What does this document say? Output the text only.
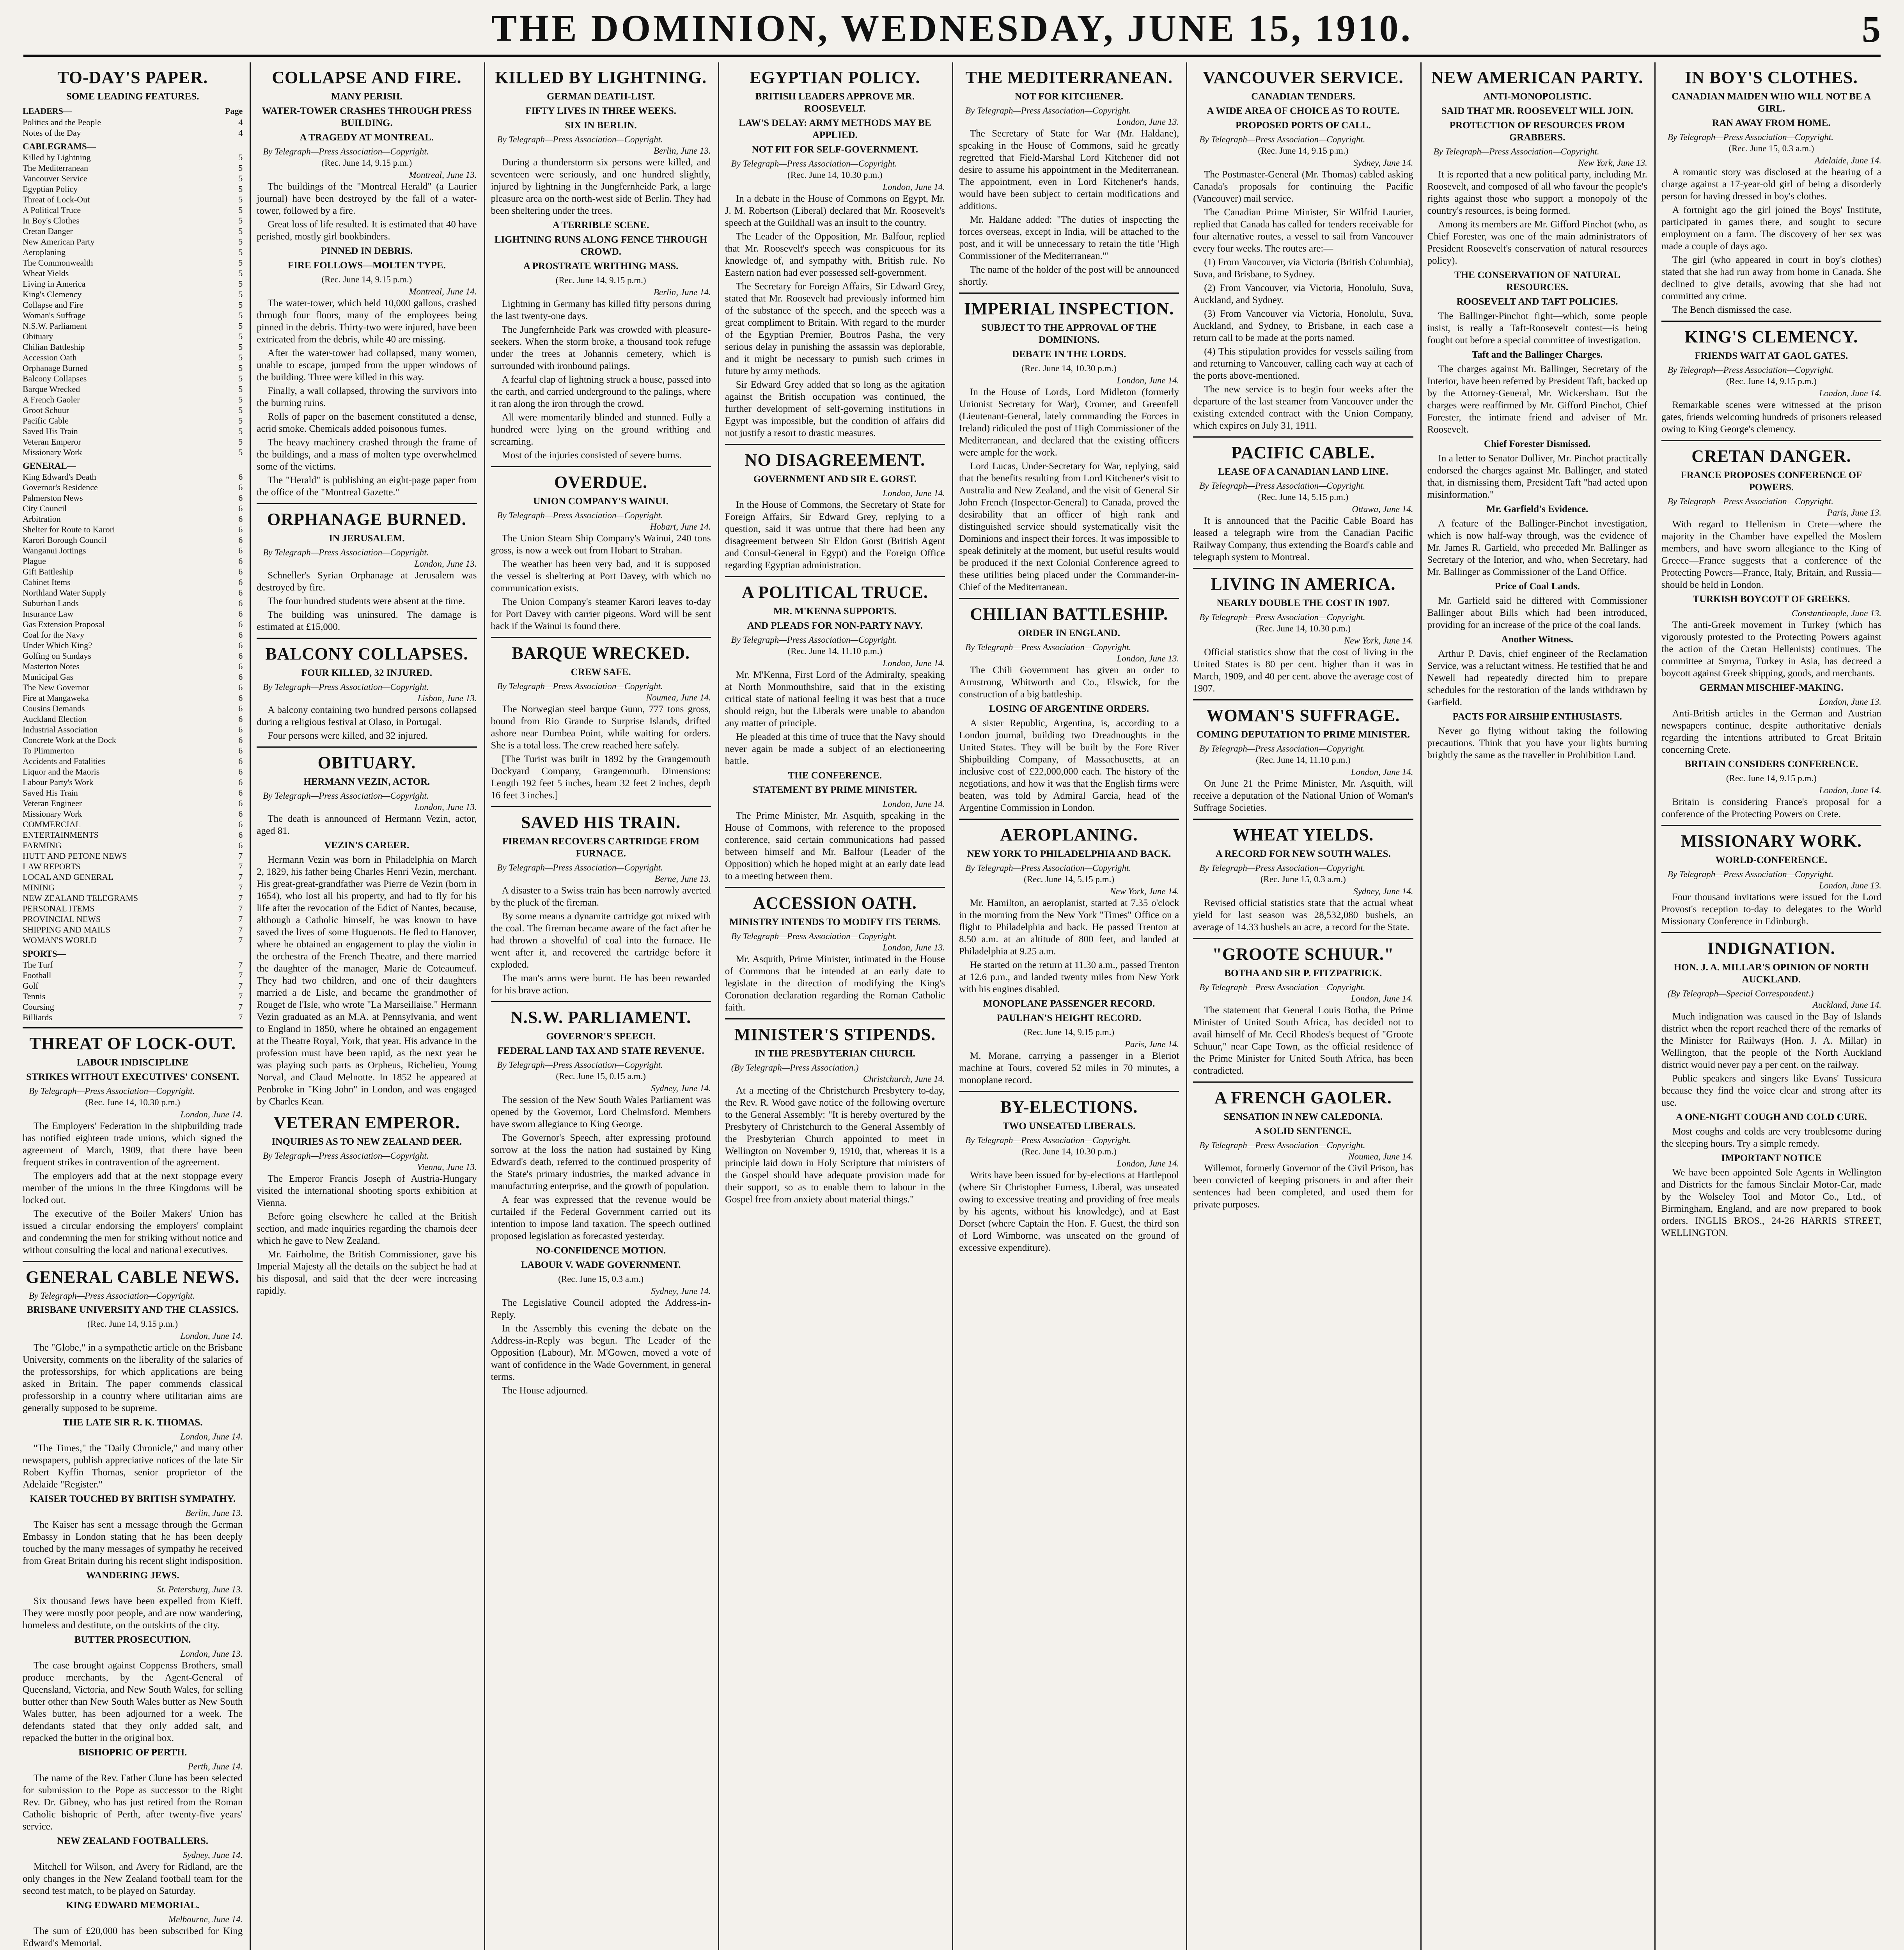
THE DOMINION, WEDNESDAY, JUNE 15, 1910.	5
TO-DAY'S PAPER.
SOME LEADING FEATURES.
LEADERS—	Page
Politics and the People	4
Notes of the Day	4
CABLEGRAMS—
Killed by Lightning	5
The Mediterranean	5
Vancouver Service	5
Egyptian Policy	5
Threat of Lock-Out	5
A Political Truce	5
In Boy's Clothes	5
Cretan Danger	5
New American Party	5
Aeroplaning	5
The Commonwealth	5
Wheat Yields	5
Living in America	5
King's Clemency	5
Collapse and Fire	5
Woman's Suffrage	5
N.S.W. Parliament	5
Obituary	5
Chilian Battleship	5
Accession Oath	5
Orphanage Burned	5
Balcony Collapses	5
Barque Wrecked	5
A French Gaoler	5
Groot Schuur	5
Pacific Cable	5
Saved His Train	5
Veteran Emperor	5
Missionary Work	5
GENERAL—
King Edward's Death	6
Governor's Residence	6
Palmerston News	6
City Council	6
Arbitration	6
Shelter for Route to Karori	6
Karori Borough Council	6
Wanganui Jottings	6
Plague	6
Gift Battleship	6
Cabinet Items	6
Northland Water Supply	6
Suburban Lands	6
Insurance Law	6
Gas Extension Proposal	6
Coal for the Navy	6
Under Which King?	6
Golfing on Sundays	6
Masterton Notes	6
Municipal Gas	6
The New Governor	6
Fire at Mangaweka	6
Cousins Demands	6
Auckland Election	6
Industrial Association	6
Concrete Work at the Dock	6
To Plimmerton	6
Accidents and Fatalities	6
Liquor and the Maoris	6
Labour Party's Work	6
Saved His Train	6
Veteran Engineer	6
Missionary Work	6
COMMERCIAL	6
ENTERTAINMENTS	6
FARMING	6
HUTT AND PETONE NEWS	7
LAW REPORTS	7
LOCAL AND GENERAL	7
MINING	7
NEW ZEALAND TELEGRAMS	7
PERSONAL ITEMS	7
PROVINCIAL NEWS	7
SHIPPING AND MAILS	7
WOMAN'S WORLD	7
SPORTS—
The Turf	7
Football	7
Golf	7
Tennis	7
Coursing	7
Billiards	7
THREAT OF LOCK-OUT.
LABOUR INDISCIPLINE
STRIKES WITHOUT EXECUTIVES' CONSENT.
By Telegraph—Press Association—Copyright.
(Rec. June 14, 10.30 p.m.)
London, June 14.
The Employers' Federation in the shipbuilding trade has notified eighteen trade unions, which signed the agreement of March, 1909, that there have been frequent strikes in contravention of the agreement.
The employers add that at the next stoppage every member of the unions in the three Kingdoms will be locked out.
The executive of the Boiler Makers' Union has issued a circular endorsing the employers' complaint and condemning the men for striking without notice and without consulting the local and national executives.
GENERAL CABLE NEWS.
By Telegraph—Press Association—Copyright.
BRISBANE UNIVERSITY AND THE CLASSICS.
(Rec. June 14, 9.15 p.m.)
London, June 14.
The "Globe," in a sympathetic article on the Brisbane University, comments on the liberality of the salaries of the professorships, for which applications are being asked in Britain. The paper commends classical professorship in a country where utilitarian aims are generally supposed to be supreme.
THE LATE SIR R. K. THOMAS.
London, June 14.
"The Times," the "Daily Chronicle," and many other newspapers, publish appreciative notices of the late Sir Robert Kyffin Thomas, senior proprietor of the Adelaide "Register."
KAISER TOUCHED BY BRITISH SYMPATHY.
Berlin, June 13.
The Kaiser has sent a message through the German Embassy in London stating that he has been deeply touched by the many messages of sympathy he received from Great Britain during his recent slight indisposition.
WANDERING JEWS.
St. Petersburg, June 13.
Six thousand Jews have been expelled from Kieff. They were mostly poor people, and are now wandering, homeless and destitute, on the outskirts of the city.
BUTTER PROSECUTION.
London, June 13.
The case brought against Coppenss Brothers, small produce merchants, by the Agent-General of Queensland, Victoria, and New South Wales, for selling butter other than New South Wales butter as New South Wales butter, has been adjourned for a week. The defendants stated that they only added salt, and repacked the butter in the original box.
BISHOPRIC OF PERTH.
Perth, June 14.
The name of the Rev. Father Clune has been selected for submission to the Pope as successor to the Right Rev. Dr. Gibney, who has just retired from the Roman Catholic bishopric of Perth, after twenty-five years' service.
NEW ZEALAND FOOTBALLERS.
Sydney, June 14.
Mitchell for Wilson, and Avery for Ridland, are the only changes in the New Zealand football team for the second test match, to be played on Saturday.
KING EDWARD MEMORIAL.
Melbourne, June 14.
The sum of £20,000 has been subscribed for King Edward's Memorial.
COLLAPSE AND FIRE.
MANY PERISH.
WATER-TOWER CRASHES THROUGH PRESS BUILDING.
A TRAGEDY AT MONTREAL.
By Telegraph—Press Association—Copyright.
(Rec. June 14, 9.15 p.m.)
Montreal, June 13.
The buildings of the "Montreal Herald" (a Laurier journal) have been destroyed by the fall of a water-tower, followed by a fire.
Great loss of life resulted. It is estimated that 40 have perished, mostly girl bookbinders.
PINNED IN DEBRIS.
FIRE FOLLOWS—MOLTEN TYPE.
(Rec. June 14, 9.15 p.m.)
Montreal, June 14.
The water-tower, which held 10,000 gallons, crashed through four floors, many of the employees being pinned in the debris. Thirty-two were injured, have been extricated from the debris, while 40 are missing.
After the water-tower had collapsed, many women, unable to escape, jumped from the upper windows of the building. Three were killed in this way.
Finally, a wall collapsed, throwing the survivors into the burning ruins.
Rolls of paper on the basement constituted a dense, acrid smoke. Chemicals added poisonous fumes.
The heavy machinery crashed through the frame of the buildings, and a mass of molten type overwhelmed some of the victims.
The "Herald" is publishing an eight-page paper from the office of the "Montreal Gazette."
ORPHANAGE BURNED.
IN JERUSALEM.
By Telegraph—Press Association—Copyright.
London, June 13.
Schneller's Syrian Orphanage at Jerusalem was destroyed by fire.
The four hundred students were absent at the time.
The building was uninsured. The damage is estimated at £15,000.
BALCONY COLLAPSES.
FOUR KILLED, 32 INJURED.
By Telegraph—Press Association—Copyright.
Lisbon, June 13.
A balcony containing two hundred persons collapsed during a religious festival at Olaso, in Portugal.
Four persons were killed, and 32 injured.
OBITUARY.
HERMANN VEZIN, ACTOR.
By Telegraph—Press Association—Copyright.
London, June 13.
The death is announced of Hermann Vezin, actor, aged 81.
VEZIN'S CAREER.
Hermann Vezin was born in Philadelphia on March 2, 1829, his father being Charles Henri Vezin, merchant. His great-great-grandfather was Pierre de Vezin (born in 1654), who lost all his property, and had to fly for his life after the revocation of the Edict of Nantes, because, although a Catholic himself, he was known to have saved the lives of some Huguenots. He fled to Hanover, where he obtained an engagement to play the violin in the orchestra of the French Theatre, and there married the daughter of the manager, Marie de Coteaumeuf. They had two children, and one of their daughters married a de Lisle, and became the grandmother of Rouget de l'Isle, who wrote "La Marseillaise." Hermann Vezin graduated as an M.A. at Pennsylvania, and went to England in 1850, where he obtained an engagement at the Theatre Royal, York, that year. His advance in the profession must have been rapid, as the next year he was playing such parts as Orpheus, Richelieu, Young Norval, and Claud Melnotte. In 1852 he appeared at Penbroke in "King John" in London, and was engaged by Charles Kean.
VETERAN EMPEROR.
INQUIRIES AS TO NEW ZEALAND DEER.
By Telegraph—Press Association—Copyright.
Vienna, June 13.
The Emperor Francis Joseph of Austria-Hungary visited the international shooting sports exhibition at Vienna.
Before going elsewhere he called at the British section, and made inquiries regarding the chamois deer which he gave to New Zealand.
Mr. Fairholme, the British Commissioner, gave his Imperial Majesty all the details on the subject he had at his disposal, and said that the deer were increasing rapidly.
KILLED BY LIGHTNING.
GERMAN DEATH-LIST.
FIFTY LIVES IN THREE WEEKS.
SIX IN BERLIN.
By Telegraph—Press Association—Copyright.
Berlin, June 13.
During a thunderstorm six persons were killed, and seventeen were seriously, and one hundred slightly, injured by lightning in the Jungfernheide Park, a large pleasure area on the north-west side of Berlin. They had been sheltering under the trees.
A TERRIBLE SCENE.
LIGHTNING RUNS ALONG FENCE THROUGH CROWD.
A PROSTRATE WRITHING MASS.
(Rec. June 14, 9.15 p.m.)
Berlin, June 14.
Lightning in Germany has killed fifty persons during the last twenty-one days.
The Jungfernheide Park was crowded with pleasure-seekers. When the storm broke, a thousand took refuge under the trees at Johannis cemetery, which is surrounded with ironbound palings.
A fearful clap of lightning struck a house, passed into the earth, and carried underground to the palings, where it ran along the iron through the crowd.
All were momentarily blinded and stunned. Fully a hundred were lying on the ground writhing and screaming.
Most of the injuries consisted of severe burns.
OVERDUE.
UNION COMPANY'S WAINUI.
By Telegraph—Press Association—Copyright.
Hobart, June 14.
The Union Steam Ship Company's Wainui, 240 tons gross, is now a week out from Hobart to Strahan.
The weather has been very bad, and it is supposed the vessel is sheltering at Port Davey, with which no communication exists.
The Union Company's steamer Karori leaves to-day for Port Davey with carrier pigeons. Word will be sent back if the Wainui is found there.
BARQUE WRECKED.
CREW SAFE.
By Telegraph—Press Association—Copyright.
Noumea, June 14.
The Norwegian steel barque Gunn, 777 tons gross, bound from Rio Grande to Surprise Islands, drifted ashore near Dumbea Point, while waiting for orders. She is a total loss. The crew reached here safely.
[The Turist was built in 1892 by the Grangemouth Dockyard Company, Grangemouth. Dimensions: Length 192 feet 5 inches, beam 32 feet 2 inches, depth 16 feet 3 inches.]
SAVED HIS TRAIN.
FIREMAN RECOVERS CARTRIDGE FROM FURNACE.
By Telegraph—Press Association—Copyright.
Berne, June 13.
A disaster to a Swiss train has been narrowly averted by the pluck of the fireman.
By some means a dynamite cartridge got mixed with the coal. The fireman became aware of the fact after he had thrown a shovelful of coal into the furnace. He went after it, and recovered the cartridge before it exploded.
The man's arms were burnt. He has been rewarded for his brave action.
N.S.W. PARLIAMENT.
GOVERNOR'S SPEECH.
FEDERAL LAND TAX AND STATE REVENUE.
By Telegraph—Press Association—Copyright.
(Rec. June 15, 0.15 a.m.)
Sydney, June 14.
The session of the New South Wales Parliament was opened by the Governor, Lord Chelmsford. Members have sworn allegiance to King George.
The Governor's Speech, after expressing profound sorrow at the loss the nation had sustained by King Edward's death, referred to the continued prosperity of the State's primary industries, the marked advance in manufacturing enterprise, and the growth of population.
A fear was expressed that the revenue would be curtailed if the Federal Government carried out its intention to impose land taxation. The speech outlined proposed legislation as forecasted yesterday.
NO-CONFIDENCE MOTION.
LABOUR V. WADE GOVERNMENT.
(Rec. June 15, 0.3 a.m.)
Sydney, June 14.
The Legislative Council adopted the Address-in-Reply.
In the Assembly this evening the debate on the Address-in-Reply was begun. The Leader of the Opposition (Labour), Mr. M'Gowen, moved a vote of want of confidence in the Wade Government, in general terms.
The House adjourned.
EGYPTIAN POLICY.
BRITISH LEADERS APPROVE MR. ROOSEVELT.
LAW'S DELAY: ARMY METHODS MAY BE APPLIED.
NOT FIT FOR SELF-GOVERNMENT.
By Telegraph—Press Association—Copyright.
(Rec. June 14, 10.30 p.m.)
London, June 14.
In a debate in the House of Commons on Egypt, Mr. J. M. Robertson (Liberal) declared that Mr. Roosevelt's speech at the Guildhall was an insult to the country.
The Leader of the Opposition, Mr. Balfour, replied that Mr. Roosevelt's speech was conspicuous for its knowledge of, and sympathy with, British rule. No Eastern nation had ever possessed self-government.
The Secretary for Foreign Affairs, Sir Edward Grey, stated that Mr. Roosevelt had previously informed him of the substance of the speech, and the speech was a great compliment to Britain. With regard to the murder of the Egyptian Premier, Boutros Pasha, the very serious delay in punishing the assassin was deplorable, and it might be necessary to punish such crimes in future by army methods.
Sir Edward Grey added that so long as the agitation against the British occupation was continued, the further development of self-governing institutions in Egypt was impossible, but the condition of affairs did not justify a resort to drastic measures.
NO DISAGREEMENT.
GOVERNMENT AND SIR E. GORST.
London, June 14.
In the House of Commons, the Secretary of State for Foreign Affairs, Sir Edward Grey, replying to a question, said it was untrue that there had been any disagreement between Sir Eldon Gorst (British Agent and Consul-General in Egypt) and the Foreign Office regarding Egyptian administration.
A POLITICAL TRUCE.
MR. M'KENNA SUPPORTS.
AND PLEADS FOR NON-PARTY NAVY.
By Telegraph—Press Association—Copyright.
(Rec. June 14, 11.10 p.m.)
London, June 14.
Mr. M'Kenna, First Lord of the Admiralty, speaking at North Monmouthshire, said that in the existing critical state of national feeling it was best that a truce should reign, but the Liberals were unable to abandon any matter of principle.
He pleaded at this time of truce that the Navy should never again be made a subject of an electioneering battle.
THE CONFERENCE.
STATEMENT BY PRIME MINISTER.
London, June 14.
The Prime Minister, Mr. Asquith, speaking in the House of Commons, with reference to the proposed conference, said certain communications had passed between himself and Mr. Balfour (Leader of the Opposition) which he hoped might at an early date lead to a meeting between them.
ACCESSION OATH.
MINISTRY INTENDS TO MODIFY ITS TERMS.
By Telegraph—Press Association—Copyright.
London, June 13.
Mr. Asquith, Prime Minister, intimated in the House of Commons that he intended at an early date to legislate in the direction of modifying the King's Coronation declaration regarding the Roman Catholic faith.
MINISTER'S STIPENDS.
IN THE PRESBYTERIAN CHURCH.
(By Telegraph—Press Association.)
Christchurch, June 14.
At a meeting of the Christchurch Presbytery to-day, the Rev. R. Wood gave notice of the following overture to the General Assembly: "It is hereby overtured by the Presbytery of Christchurch to the General Assembly of the Presbyterian Church appointed to meet in Wellington on November 9, 1910, that, whereas it is a principle laid down in Holy Scripture that ministers of the Gospel should have adequate provision made for their support, so as to enable them to labour in the Gospel free from anxiety about material things."
THE MEDITERRANEAN.
NOT FOR KITCHENER.
By Telegraph—Press Association—Copyright.
London, June 13.
The Secretary of State for War (Mr. Haldane), speaking in the House of Commons, said he greatly regretted that Field-Marshal Lord Kitchener did not desire to assume his appointment in the Mediterranean. The appointment, even in Lord Kitchener's hands, would have been subject to certain modifications and additions.
Mr. Haldane added: "The duties of inspecting the forces overseas, except in India, will be attached to the post, and it will be unnecessary to retain the title 'High Commissioner of the Mediterranean.'"
The name of the holder of the post will be announced shortly.
IMPERIAL INSPECTION.
SUBJECT TO THE APPROVAL OF THE DOMINIONS.
DEBATE IN THE LORDS.
(Rec. June 14, 10.30 p.m.)
London, June 14.
In the House of Lords, Lord Midleton (formerly Unionist Secretary for War), Cromer, and Greenfell (Lieutenant-General, lately commanding the Forces in Ireland) ridiculed the post of High Commissioner of the Mediterranean, and declared that the existing officers were ample for the work.
Lord Lucas, Under-Secretary for War, replying, said that the benefits resulting from Lord Kitchener's visit to Australia and New Zealand, and the visit of General Sir John French (Inspector-General) to Canada, proved the desirability that an officer of high rank and distinguished service should systematically visit the Dominions and inspect their forces. It was impossible to speak definitely at the moment, but useful results would be produced if the next Colonial Conference agreed to these utilities being placed under the Commander-in-Chief of the Mediterranean.
CHILIAN BATTLESHIP.
ORDER IN ENGLAND.
By Telegraph—Press Association—Copyright.
London, June 13.
The Chili Government has given an order to Armstrong, Whitworth and Co., Elswick, for the construction of a big battleship.
LOSING OF ARGENTINE ORDERS.
A sister Republic, Argentina, is, according to a London journal, building two Dreadnoughts in the United States. They will be built by the Fore River Shipbuilding Company, of Massachusetts, at an inclusive cost of £22,000,000 each. The history of the negotiations, and how it was that the English firms were beaten, was told by Admiral Garcia, head of the Argentine Commission in London.
AEROPLANING.
NEW YORK TO PHILADELPHIA AND BACK.
By Telegraph—Press Association—Copyright.
(Rec. June 14, 5.15 p.m.)
New York, June 14.
Mr. Hamilton, an aeroplanist, started at 7.35 o'clock in the morning from the New York "Times" Office on a flight to Philadelphia and back. He passed Trenton at 8.50 a.m. at an altitude of 800 feet, and landed at Philadelphia at 9.25 a.m.
He started on the return at 11.30 a.m., passed Trenton at 12.6 p.m., and landed twenty miles from New York with his engines disabled.
MONOPLANE PASSENGER RECORD.
PAULHAN'S HEIGHT RECORD.
(Rec. June 14, 9.15 p.m.)
Paris, June 14.
M. Morane, carrying a passenger in a Bleriot machine at Tours, covered 52 miles in 70 minutes, a monoplane record.
BY-ELECTIONS.
TWO UNSEATED LIBERALS.
By Telegraph—Press Association—Copyright.
(Rec. June 14, 10.30 p.m.)
London, June 14.
Writs have been issued for by-elections at Hartlepool (where Sir Christopher Furness, Liberal, was unseated owing to excessive treating and providing of free meals by his agents, without his knowledge), and at East Dorset (where Captain the Hon. F. Guest, the third son of Lord Wimborne, was unseated on the ground of excessive expenditure).
VANCOUVER SERVICE.
CANADIAN TENDERS.
A WIDE AREA OF CHOICE AS TO ROUTE.
PROPOSED PORTS OF CALL.
By Telegraph—Press Association—Copyright.
(Rec. June 14, 9.15 p.m.)
Sydney, June 14.
The Postmaster-General (Mr. Thomas) cabled asking Canada's proposals for continuing the Pacific (Vancouver) mail service.
The Canadian Prime Minister, Sir Wilfrid Laurier, replied that Canada has called for tenders receivable for four alternative routes, a vessel to sail from Vancouver every four weeks. The routes are:—
(1) From Vancouver, via Victoria (British Columbia), Suva, and Brisbane, to Sydney.
(2) From Vancouver, via Victoria, Honolulu, Suva, Auckland, and Sydney.
(3) From Vancouver via Victoria, Honolulu, Suva, Auckland, and Sydney, to Brisbane, in each case a return call to be made at the ports named.
(4) This stipulation provides for vessels sailing from and returning to Vancouver, calling each way at each of the ports above-mentioned.
The new service is to begin four weeks after the departure of the last steamer from Vancouver under the existing extended contract with the Union Company, which expires on July 31, 1911.
PACIFIC CABLE.
LEASE OF A CANADIAN LAND LINE.
By Telegraph—Press Association—Copyright.
(Rec. June 14, 5.15 p.m.)
Ottawa, June 14.
It is announced that the Pacific Cable Board has leased a telegraph wire from the Canadian Pacific Railway Company, thus extending the Board's cable and telegraph system to Montreal.
LIVING IN AMERICA.
NEARLY DOUBLE THE COST IN 1907.
By Telegraph—Press Association—Copyright.
(Rec. June 14, 10.30 p.m.)
New York, June 14.
Official statistics show that the cost of living in the United States is 80 per cent. higher than it was in March, 1909, and 40 per cent. above the average cost of 1907.
WOMAN'S SUFFRAGE.
COMING DEPUTATION TO PRIME MINISTER.
By Telegraph—Press Association—Copyright.
(Rec. June 14, 11.10 p.m.)
London, June 14.
On June 21 the Prime Minister, Mr. Asquith, will receive a deputation of the National Union of Woman's Suffrage Societies.
WHEAT YIELDS.
A RECORD FOR NEW SOUTH WALES.
By Telegraph—Press Association—Copyright.
(Rec. June 15, 0.3 a.m.)
Sydney, June 14.
Revised official statistics state that the actual wheat yield for last season was 28,532,080 bushels, an average of 14.33 bushels an acre, a record for the State.
"GROOTE SCHUUR."
BOTHA AND SIR P. FITZPATRICK.
By Telegraph—Press Association—Copyright.
London, June 14.
The statement that General Louis Botha, the Prime Minister of United South Africa, has decided not to avail himself of Mr. Cecil Rhodes's bequest of "Groote Schuur," near Cape Town, as the official residence of the Prime Minister for United South Africa, has been contradicted.
A FRENCH GAOLER.
SENSATION IN NEW CALEDONIA.
A SOLID SENTENCE.
By Telegraph—Press Association—Copyright.
Noumea, June 14.
Willemot, formerly Governor of the Civil Prison, has been convicted of keeping prisoners in and after their sentences had been completed, and used them for private purposes.
NEW AMERICAN PARTY.
ANTI-MONOPOLISTIC.
SAID THAT MR. ROOSEVELT WILL JOIN.
PROTECTION OF RESOURCES FROM GRABBERS.
By Telegraph—Press Association—Copyright.
New York, June 13.
It is reported that a new political party, including Mr. Roosevelt, and composed of all who favour the people's rights against those who support a monopoly of the country's resources, is being formed.
Among its members are Mr. Gifford Pinchot (who, as Chief Forester, was one of the main administrators of President Roosevelt's conservation of natural resources policy).
THE CONSERVATION OF NATURAL RESOURCES.
ROOSEVELT AND TAFT POLICIES.
The Ballinger-Pinchot fight—which, some people insist, is really a Taft-Roosevelt contest—is being fought out before a special committee of investigation.
Taft and the Ballinger Charges.
The charges against Mr. Ballinger, Secretary of the Interior, have been referred by President Taft, backed up by the Attorney-General, Mr. Wickersham. But the charges were reaffirmed by Mr. Gifford Pinchot, Chief Forester, the intimate friend and adviser of Mr. Roosevelt.
Chief Forester Dismissed.
In a letter to Senator Dolliver, Mr. Pinchot practically endorsed the charges against Mr. Ballinger, and stated that, in dismissing them, President Taft "had acted upon misinformation."
Mr. Garfield's Evidence.
A feature of the Ballinger-Pinchot investigation, which is now half-way through, was the evidence of Mr. James R. Garfield, who preceded Mr. Ballinger as Secretary of the Interior, and who, when Secretary, had Mr. Ballinger as Commissioner of the Land Office.
Price of Coal Lands.
Mr. Garfield said he differed with Commissioner Ballinger about Bills which had been introduced, providing for an increase of the price of the coal lands.
Another Witness.
Arthur P. Davis, chief engineer of the Reclamation Service, was a reluctant witness. He testified that he and Newell had repeatedly directed him to prepare schedules for the restoration of the lands withdrawn by Garfield.
PACTS FOR AIRSHIP ENTHUSIASTS.
Never go flying without taking the following precautions. Think that you have your lights burning brightly the same as the traveller in Prohibition Land.
IN BOY'S CLOTHES.
CANADIAN MAIDEN WHO WILL NOT BE A GIRL.
RAN AWAY FROM HOME.
By Telegraph—Press Association—Copyright.
(Rec. June 15, 0.3 a.m.)
Adelaide, June 14.
A romantic story was disclosed at the hearing of a charge against a 17-year-old girl of being a disorderly person for having dressed in boy's clothes.
A fortnight ago the girl joined the Boys' Institute, participated in games there, and sought to secure employment on a farm. The discovery of her sex was made a couple of days ago.
The girl (who appeared in court in boy's clothes) stated that she had run away from home in Canada. She declined to give details, avowing that she had not committed any crime.
The Bench dismissed the case.
KING'S CLEMENCY.
FRIENDS WAIT AT GAOL GATES.
By Telegraph—Press Association—Copyright.
(Rec. June 14, 9.15 p.m.)
London, June 14.
Remarkable scenes were witnessed at the prison gates, friends welcoming hundreds of prisoners released owing to King George's clemency.
CRETAN DANGER.
FRANCE PROPOSES CONFERENCE OF POWERS.
By Telegraph—Press Association—Copyright.
Paris, June 13.
With regard to Hellenism in Crete—where the majority in the Chamber have expelled the Moslem members, and have sworn allegiance to the King of Greece—France suggests that a conference of the Protecting Powers—France, Italy, Britain, and Russia—should be held in London.
TURKISH BOYCOTT OF GREEKS.
Constantinople, June 13.
The anti-Greek movement in Turkey (which has vigorously protested to the Protecting Powers against the action of the Cretan Hellenists) continues. The committee at Smyrna, Turkey in Asia, has decreed a boycott against Greek shipping, goods, and merchants.
GERMAN MISCHIEF-MAKING.
London, June 13.
Anti-British articles in the German and Austrian newspapers continue, despite authoritative denials regarding the intentions attributed to Great Britain concerning Crete.
BRITAIN CONSIDERS CONFERENCE.
(Rec. June 14, 9.15 p.m.)
London, June 14.
Britain is considering France's proposal for a conference of the Protecting Powers on Crete.
MISSIONARY WORK.
WORLD-CONFERENCE.
By Telegraph—Press Association—Copyright.
London, June 13.
Four thousand invitations were issued for the Lord Provost's reception to-day to delegates to the World Missionary Conference in Edinburgh.
INDIGNATION.
HON. J. A. MILLAR'S OPINION OF NORTH AUCKLAND.
(By Telegraph—Special Correspondent.)
Auckland, June 14.
Much indignation was caused in the Bay of Islands district when the report reached there of the remarks of the Minister for Railways (Hon. J. A. Millar) in Wellington, that the people of the North Auckland district would never pay a per cent. on the railway.
Public speakers and singers like Evans' Tussicura because they find the voice clear and strong after its use.
A ONE-NIGHT COUGH AND COLD CURE.
Most coughs and colds are very troublesome during the sleeping hours. Try a simple remedy.
IMPORTANT NOTICE
We have been appointed Sole Agents in Wellington and Districts for the famous Sinclair Motor-Car, made by the Wolseley Tool and Motor Co., Ltd., of Birmingham, England, and are now prepared to book orders. INGLIS BROS., 24-26 HARRIS STREET, WELLINGTON.
